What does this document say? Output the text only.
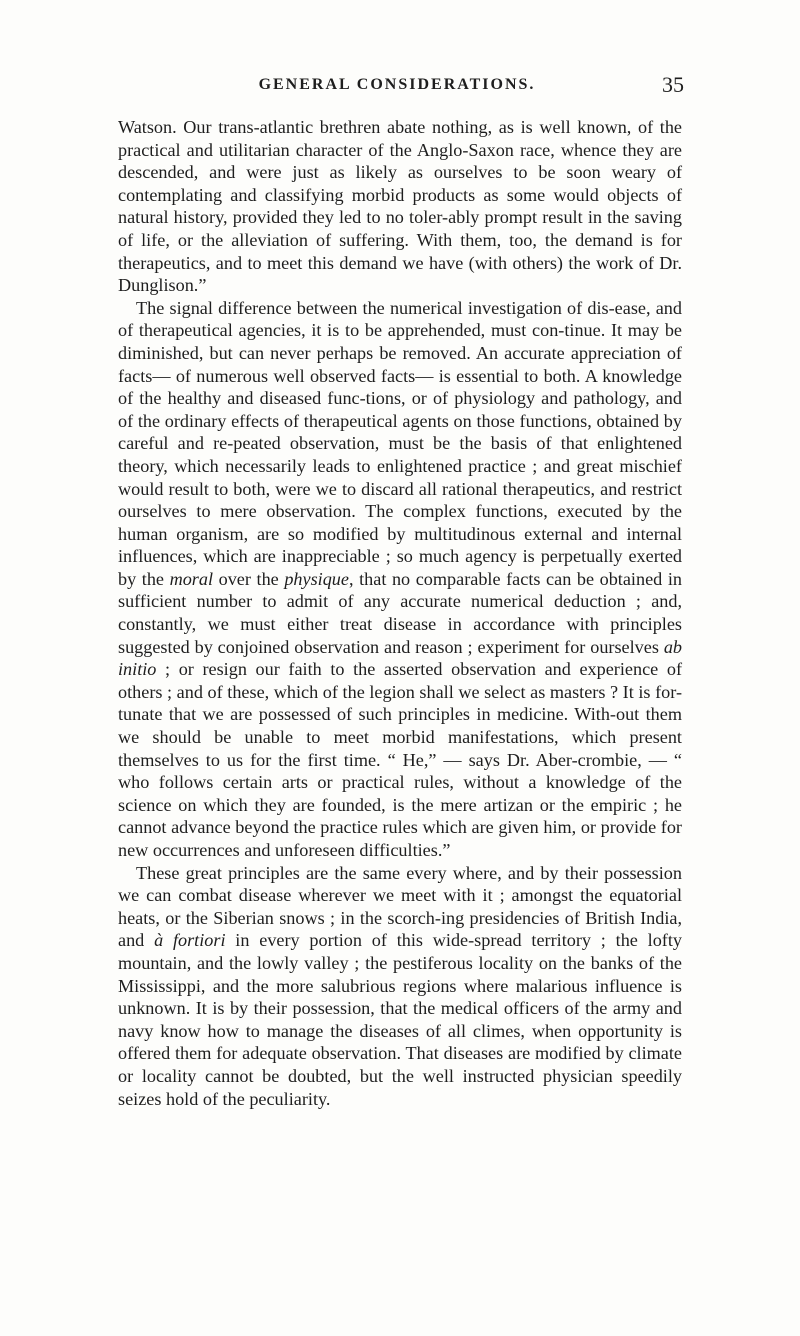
GENERAL CONSIDERATIONS.	35

Watson. Our trans-atlantic brethren abate nothing, as is well known, of the practical and utilitarian character of the Anglo-Saxon race, whence they are descended, and were just as likely as ourselves to be soon weary of contemplating and classifying morbid products as some would objects of natural history, provided they led to no toler-ably prompt result in the saving of life, or the alleviation of suffering. With them, too, the demand is for therapeutics, and to meet this demand we have (with others) the work of Dr. Dunglison.”

The signal difference between the numerical investigation of dis-ease, and of therapeutical agencies, it is to be apprehended, must con-tinue. It may be diminished, but can never perhaps be removed. An accurate appreciation of facts— of numerous well observed facts— is essential to both. A knowledge of the healthy and diseased func-tions, or of physiology and pathology, and of the ordinary effects of therapeutical agents on those functions, obtained by careful and re-peated observation, must be the basis of that enlightened theory, which necessarily leads to enlightened practice ; and great mischief would result to both, were we to discard all rational therapeutics, and restrict ourselves to mere observation. The complex functions, executed by the human organism, are so modified by multitudinous external and internal influences, which are inappreciable ; so much agency is perpetually exerted by the moral over the physique, that no comparable facts can be obtained in sufficient number to admit of any accurate numerical deduction ; and, constantly, we must either treat disease in accordance with principles suggested by conjoined observation and reason ; experiment for ourselves ab initio ; or resign our faith to the asserted observation and experience of others ; and of these, which of the legion shall we select as masters ? It is for-tunate that we are possessed of such principles in medicine. With-out them we should be unable to meet morbid manifestations, which present themselves to us for the first time. “ He,” — says Dr. Aber-crombie, — “ who follows certain arts or practical rules, without a knowledge of the science on which they are founded, is the mere artizan or the empiric ; he cannot advance beyond the practice rules which are given him, or provide for new occurrences and unforeseen difficulties.”

These great principles are the same every where, and by their possession we can combat disease wherever we meet with it ; amongst the equatorial heats, or the Siberian snows ; in the scorch-ing presidencies of British India, and à fortiori in every portion of this wide-spread territory ; the lofty mountain, and the lowly valley ; the pestiferous locality on the banks of the Mississippi, and the more salubrious regions where malarious influence is unknown. It is by their possession, that the medical officers of the army and navy know how to manage the diseases of all climes, when opportunity is offered them for adequate observation. That diseases are modified by climate or locality cannot be doubted, but the well instructed physician speedily seizes hold of the peculiarity.
